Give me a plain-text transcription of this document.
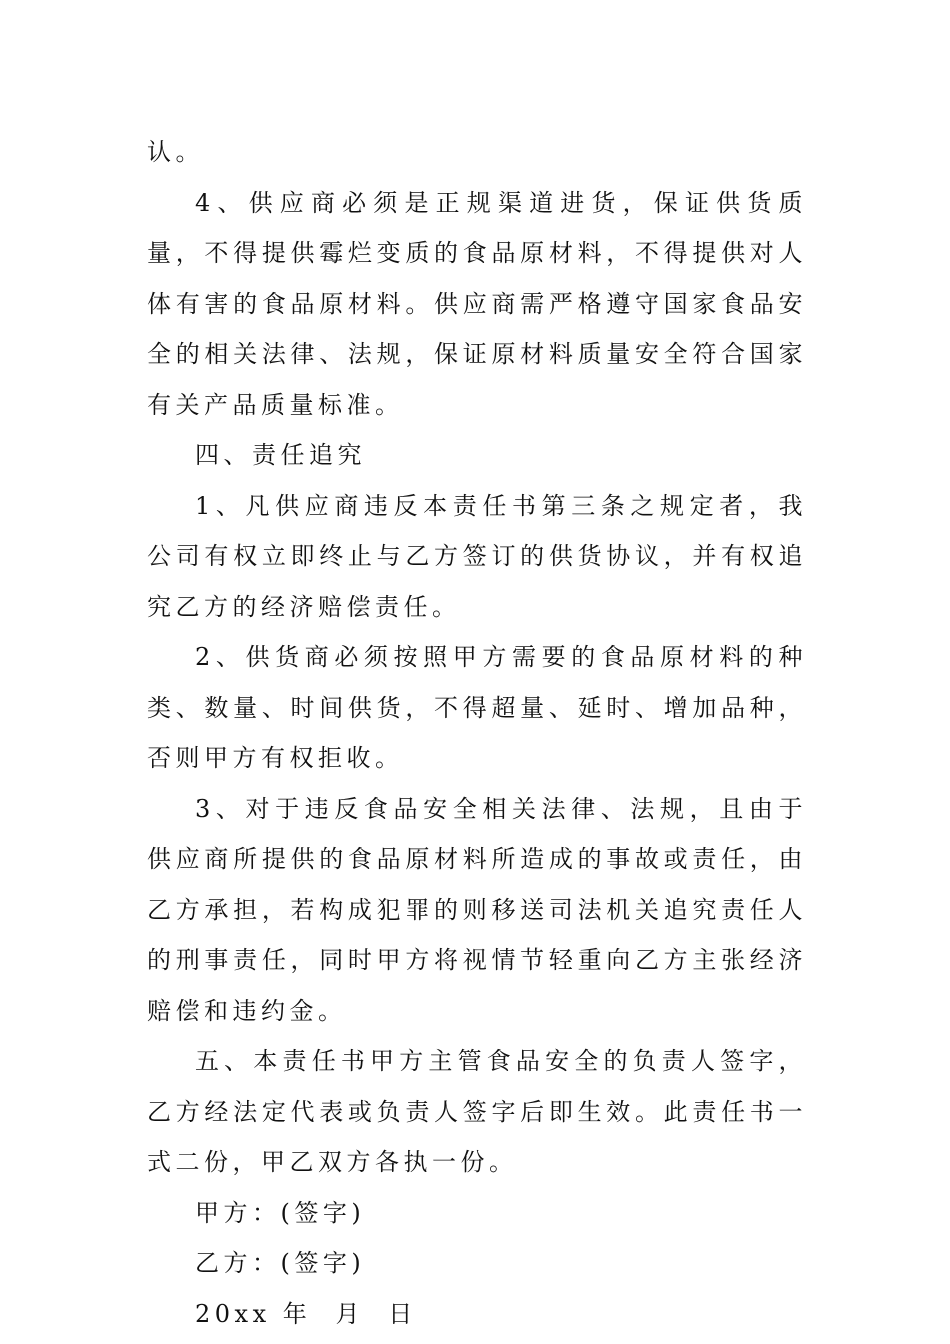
认。

4、供应商必须是正规渠道进货，保证供货质量，不得提供霉烂变质的食品原材料，不得提供对人体有害的食品原材料。供应商需严格遵守国家食品安全的相关法律、法规，保证原材料质量安全符合国家有关产品质量标准。

四、责任追究

1、凡供应商违反本责任书第三条之规定者，我公司有权立即终止与乙方签订的供货协议，并有权追究乙方的经济赔偿责任。

2、供货商必须按照甲方需要的食品原材料的种类、数量、时间供货，不得超量、延时、增加品种，否则甲方有权拒收。

3、对于违反食品安全相关法律、法规，且由于供应商所提供的食品原材料所造成的事故或责任，由乙方承担，若构成犯罪的则移送司法机关追究责任人的刑事责任，同时甲方将视情节轻重向乙方主张经济赔偿和违约金。

五、本责任书甲方主管食品安全的负责人签字，乙方经法定代表或负责人签字后即生效。此责任书一式二份，甲乙双方各执一份。

甲方：(签字)

乙方：(签字)

20xx 年  月  日
